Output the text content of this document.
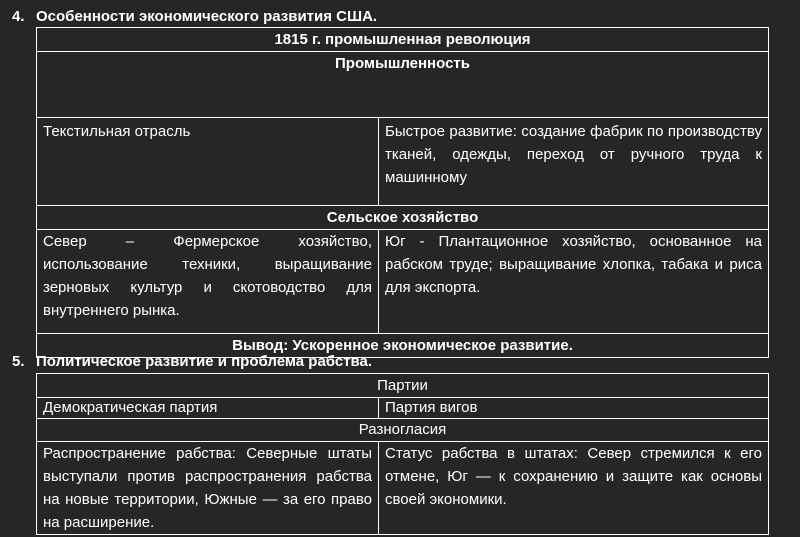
4. Особенности экономического развития США.
1815 г. промышленная революция	
Промышленность	
Текстильная отрасль	Быстрое развитие: создание фабрик по производству тканей, одежды, переход от ручного труда к машинному
Сельское хозяйство	
Север – Фермерское хозяйство, использование техники, выращивание зерновых культур и скотоводство для внутреннего рынка.	Юг - Плантационное хозяйство, основанное на рабском труде; выращивание хлопка, табака и риса для экспорта.
Вывод: Ускоренное экономическое развитие.	
5. Политическое развитие и проблема рабства.
Партии	
Демократическая партия	Партия вигов
Разногласия	
Распространение рабства: Северные штаты выступали против распространения рабства на новые территории, Южные — за его право на расширение.	Статус рабства в штатах: Север стремился к его отмене, Юг — к сохранению и защите как основы своей экономики.
